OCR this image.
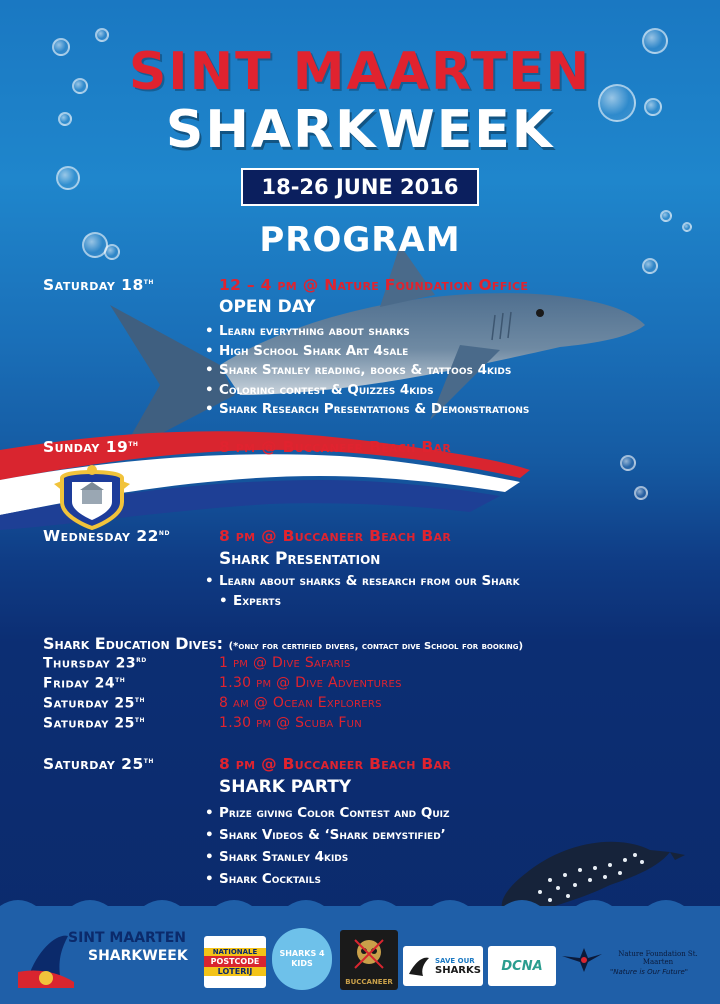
SINT MAARTEN
SHARKWEEK
18-26 JUNE 2016
PROGRAM
Saturday 18th	12 – 4 pm @ Nature Foundation Office
OPEN DAY
• Learn everything about sharks
• High School Shark Art 4sale
• Shark Stanley reading, books & tattoos 4kids
• Coloring contest & Quizzes 4kids
• Shark Research Presentations & Demonstrations
Sunday 19th	8 pm @ Buccaneer Beach Bar
‘SharkWater’ Documentary
Wednesday 22nd	8 pm @ Buccaneer Beach Bar
Shark Presentation
• Learn about sharks & research from our Shark
• Experts
Shark Education Dives: (*only for certified divers, contact dive School for booking)
Thursday 23rd	1 pm @ Dive Safaris
Friday 24th	1.30 pm @ Dive Adventures
Saturday 25th	8 am @ Ocean Explorers
Saturday 25th	1.30 pm @ Scuba Fun
Saturday 25th	8 pm @ Buccaneer Beach Bar
SHARK PARTY
• Prize giving Color Contest and Quiz
• Shark Videos & ‘Shark demystified’
• Shark Stanley 4kids
• Shark Cocktails
SINT MAARTEN
SHARKWEEK	NATIONALE
POSTCODE
LOTERIJ
SHARKS 4 KIDS
BUCCANEER
SAVE OUR
SHARKS DCNA
Nature Foundation St. Maarten
"Nature is Our Future"
